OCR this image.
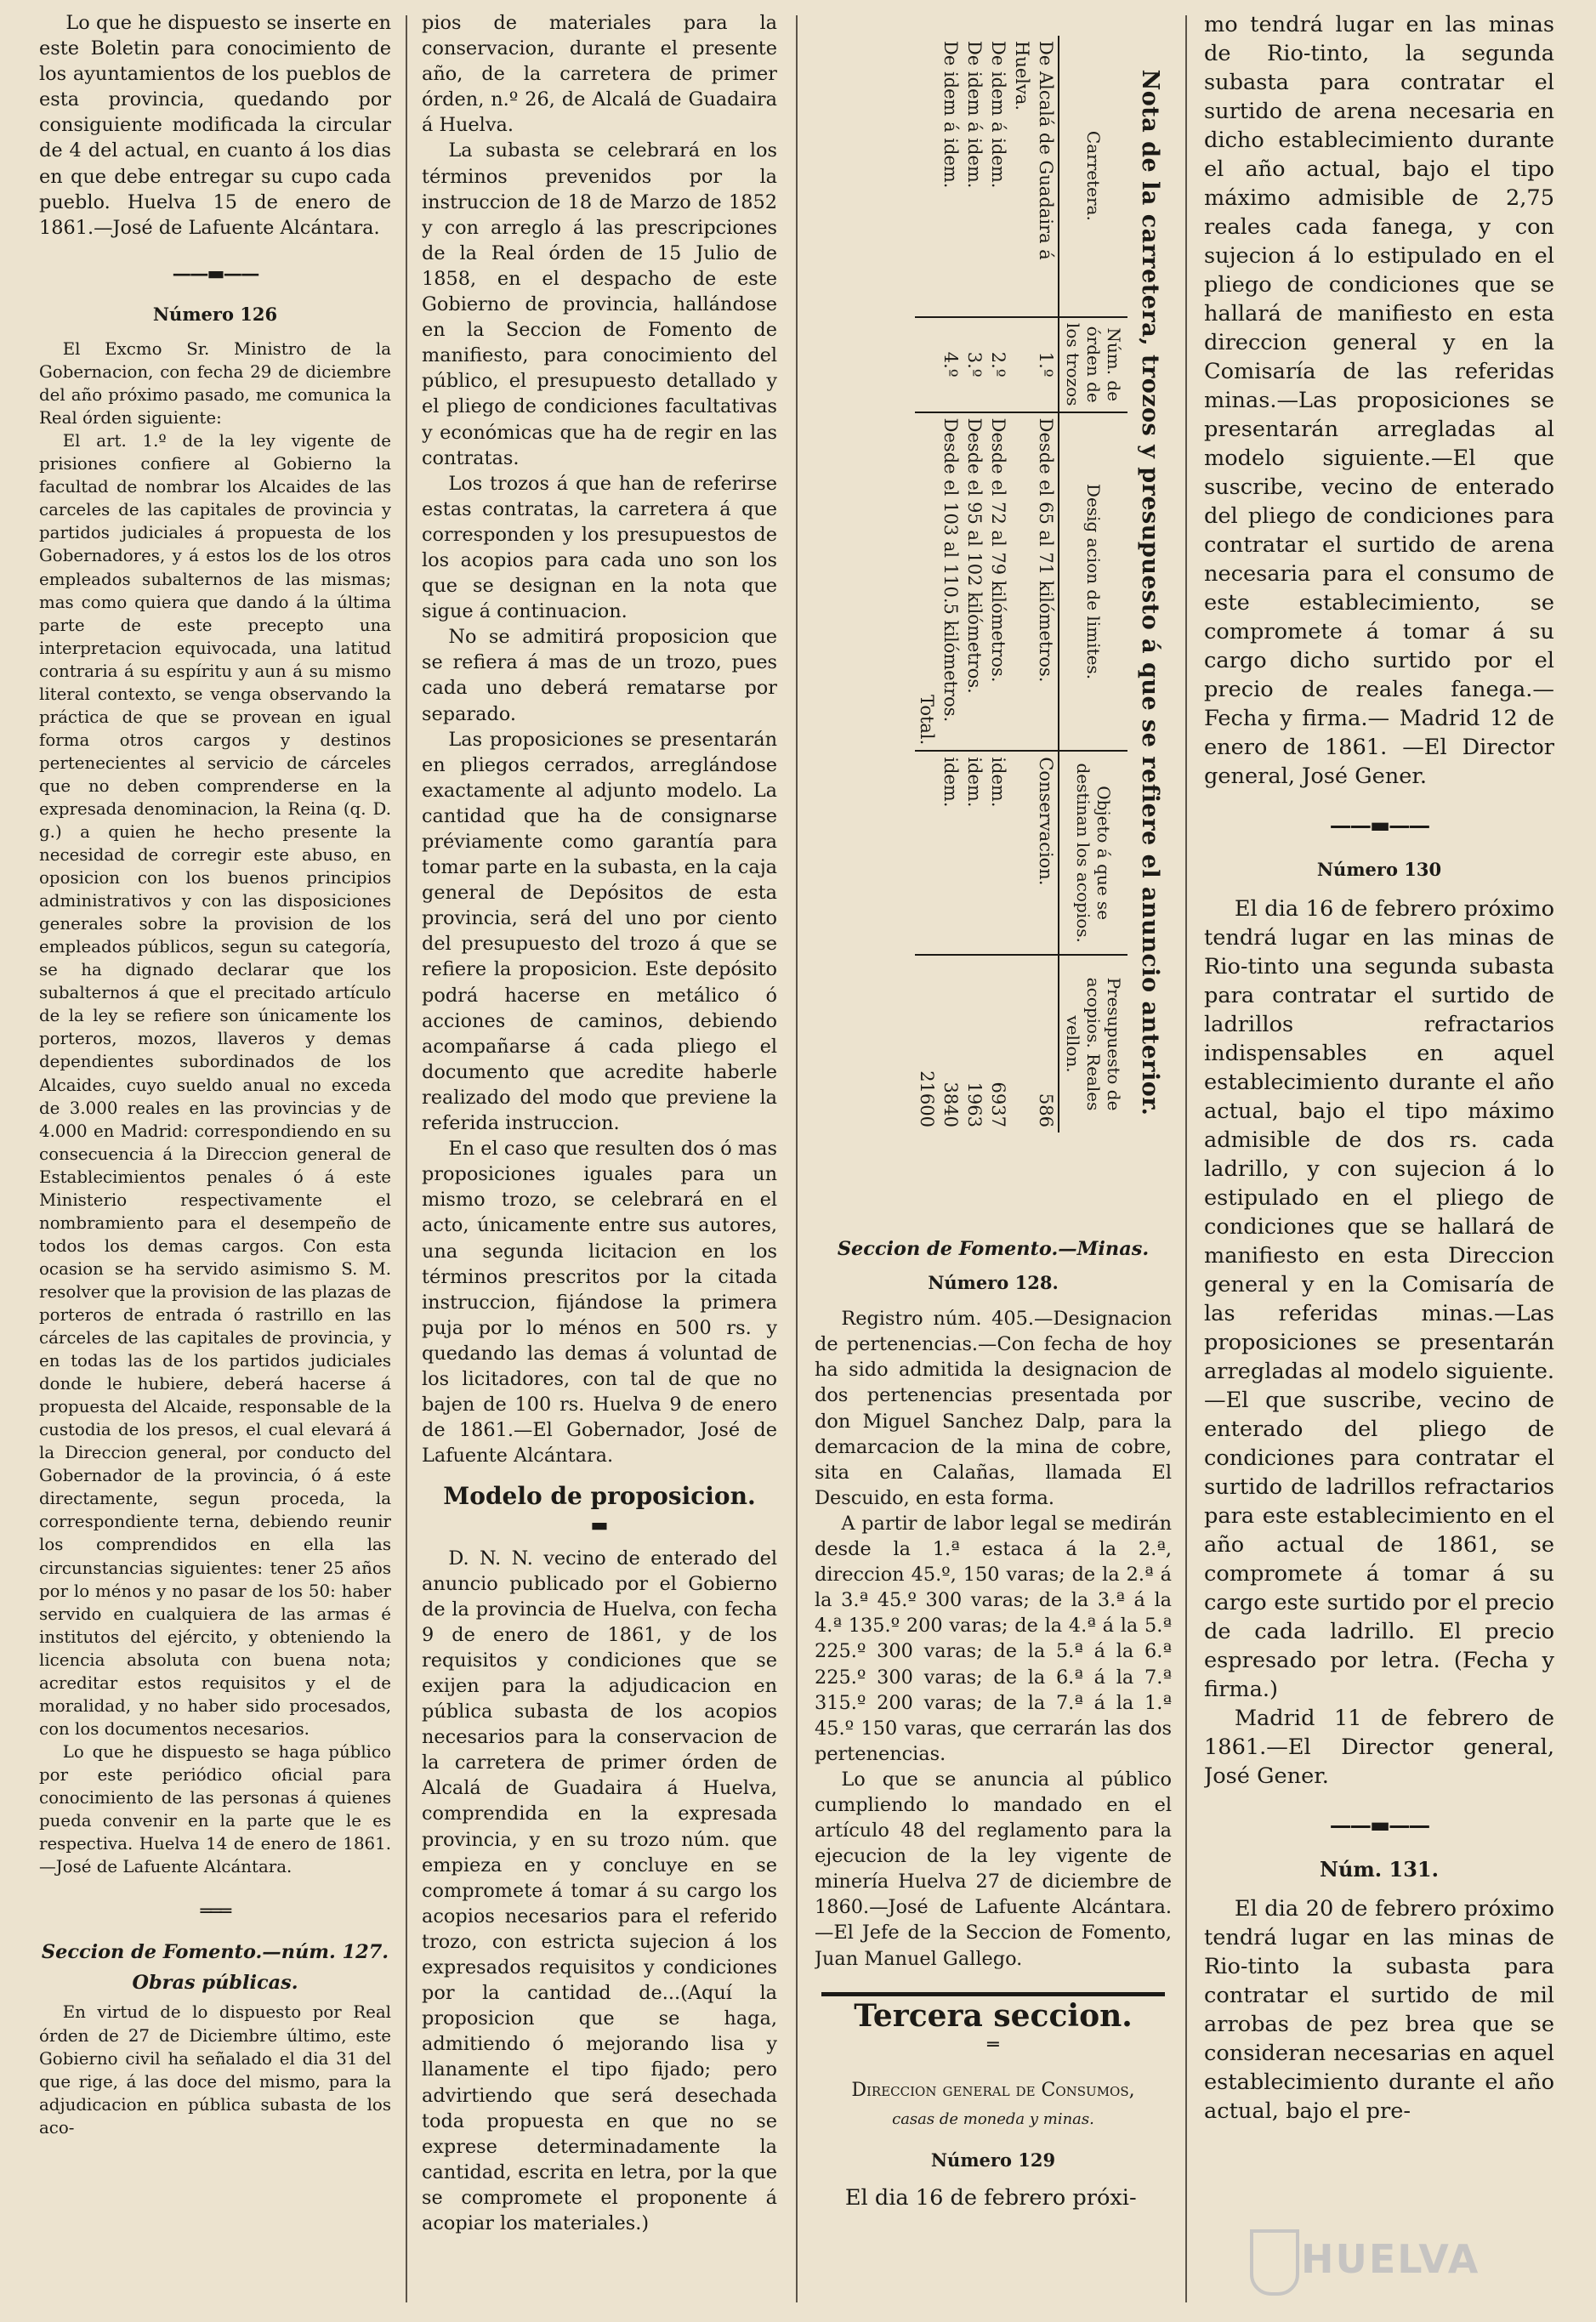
Lo que he dispuesto se inserte en este Boletin para conocimiento de los ayuntamientos de los pueblos de esta provincia, quedando por consiguiente modificada la circular de 4 del actual, en cuanto á los dias en que debe entregar su cupo cada pueblo. Huelva 15 de enero de 1861.—José de Lafuente Alcántara.

——▬——
Número 126

El Excmo Sr. Ministro de la Gobernacion, con fecha 29 de diciembre del año próximo pasado, me comunica la Real órden siguiente:

El art. 1.º de la ley vigente de prisiones confiere al Gobierno la facultad de nombrar los Alcaides de las carceles de las capitales de provincia y partidos judiciales á propuesta de los Gobernadores, y á estos los de los otros empleados subalternos de las mismas; mas como quiera que dando á la última parte de este precepto una interpretacion equivocada, una latitud contraria á su espíritu y aun á su mismo literal contexto, se venga observando la práctica de que se provean en igual forma otros cargos y destinos pertenecientes al servicio de cárceles que no deben comprenderse en la expresada denominacion, la Reina (q. D. g.) a quien he hecho presente la necesidad de corregir este abuso, en oposicion con los buenos principios administrativos y con las disposiciones generales sobre la provision de los empleados públicos, segun su categoría, se ha dignado declarar que los subalternos á que el precitado artículo de la ley se refiere son únicamente los porteros, mozos, llaveros y demas dependientes subordinados de los Alcaides, cuyo sueldo anual no exceda de 3.000 reales en las provincias y de 4.000 en Madrid: correspondiendo en su consecuencia á la Direccion general de Establecimientos penales ó á este Ministerio respectivamente el nombramiento para el desempeño de todos los demas cargos. Con esta ocasion se ha servido asimismo S. M. resolver que la provision de las plazas de porteros de entrada ó rastrillo en las cárceles de las capitales de provincia, y en todas las de los partidos judiciales donde le hubiere, deberá hacerse á propuesta del Alcaide, responsable de la custodia de los presos, el cual elevará á la Direccion general, por conducto del Gobernador de la provincia, ó á este directamente, segun proceda, la correspondiente terna, debiendo reunir los comprendidos en ella las circunstancias siguientes: tener 25 años por lo ménos y no pasar de los 50: haber servido en cualquiera de las armas é institutos del ejército, y obteniendo la licencia absoluta con buena nota; acreditar estos requisitos y el de moralidad, y no haber sido procesados, con los documentos necesarios.

Lo que he dispuesto se haga público por este periódico oficial para conocimiento de las personas á quienes pueda convenir en la parte que le es respectiva. Huelva 14 de enero de 1861.—José de Lafuente Alcántara.

═══
Seccion de Fomento.—núm. 127.
Obras públicas.

En virtud de lo dispuesto por Real órden de 27 de Diciembre último, este Gobierno civil ha señalado el dia 31 del que rige, á las doce del mismo, para la adjudicacion en pública subasta de los aco-

pios de materiales para la conservacion, durante el presente año, de la carretera de primer órden, n.º 26, de Alcalá de Guadaira á Huelva.

La subasta se celebrará en los términos prevenidos por la instruccion de 18 de Marzo de 1852 y con arreglo á las prescripciones de la Real órden de 15 Julio de 1858, en el despacho de este Gobierno de provincia, hallándose en la Seccion de Fomento de manifiesto, para conocimiento del público, el presupuesto detallado y el pliego de condiciones facultativas y económicas que ha de regir en las contratas.

Los trozos á que han de referirse estas contratas, la carretera á que corresponden y los presupuestos de los acopios para cada uno son los que se designan en la nota que sigue á continuacion.

No se admitirá proposicion que se refiera á mas de un trozo, pues cada uno deberá rematarse por separado.

Las proposiciones se presentarán en pliegos cerrados, arreglándose exactamente al adjunto modelo. La cantidad que ha de consignarse préviamente como garantía para tomar parte en la subasta, en la caja general de Depósitos de esta provincia, será del uno por ciento del presupuesto del trozo á que se refiere la proposicion. Este depósito podrá hacerse en metálico ó acciones de caminos, debiendo acompañarse á cada pliego el documento que acredite haberle realizado del modo que previene la referida instruccion.

En el caso que resulten dos ó mas proposiciones iguales para un mismo trozo, se celebrará en el acto, únicamente entre sus autores, una segunda licitacion en los términos prescritos por la citada instruccion, fijándose la primera puja por lo ménos en 500 rs. y quedando las demas á voluntad de los licitadores, con tal de que no bajen de 100 rs. Huelva 9 de enero de 1861.—El Gobernador, José de Lafuente Alcántara.

Modelo de proposicion.
▬

D. N. N. vecino de enterado del anuncio publicado por el Gobierno de la provincia de Huelva, con fecha 9 de enero de 1861, y de los requisitos y condiciones que se exijen para la adjudicacion en pública subasta de los acopios necesarios para la conservacion de la carretera de primer órden de Alcalá de Guadaira á Huelva, comprendida en la expresada provincia, y en su trozo núm. que empieza en y concluye en se compromete á tomar á su cargo los acopios necesarios para el referido trozo, con estricta sujecion á los expresados requisitos y condiciones por la cantidad de...(Aquí la proposicion que se haga, admitiendo ó mejorando lisa y llanamente el tipo fijado; pero advirtiendo que será desechada toda propuesta en que no se exprese determinadamente la cantidad, escrita en letra, por la que se compromete el proponente á acopiar los materiales.)

Nota de la carretera, trozos y presupuesto á que se refiere el anuncio anterior.
Carretera.	Núm. de órden de los trozos	Desig acion de limites.	Objeto á que se destinan los acopios.	Presupuesto de acopios. Reales vellon.
De Alcalá de Guadaira á Huelva.	1.º	Desde el 65 al 71 kilómetros.	Conservacion.	586
De idem á idem.	2.º	Desde el 72 al 79 kilómetros.	idem.	6937
De idem á idem.	3.º	Desde el 95 al 102 kilómetros.	idem.	1963
De idem á idem.	4.º	Desde el 103 al 110.5 kilómetros.	idem.	3840
		Total.		21600
Seccion de Fomento.—Minas.
Número 128.

Registro núm. 405.—Designacion de pertenencias.—Con fecha de hoy ha sido admitida la designacion de dos pertenencias presentada por don Miguel Sanchez Dalp, para la demarcacion de la mina de cobre, sita en Calañas, llamada El Descuido, en esta forma.

A partir de labor legal se medirán desde la 1.ª estaca á la 2.ª, direccion 45.º, 150 varas; de la 2.ª á la 3.ª 45.º 300 varas; de la 3.ª á la 4.ª 135.º 200 varas; de la 4.ª á la 5.ª 225.º 300 varas; de la 5.ª á la 6.ª 225.º 300 varas; de la 6.ª á la 7.ª 315.º 200 varas; de la 7.ª á la 1.ª 45.º 150 varas, que cerrarán las dos pertenencias.

Lo que se anuncia al público cumpliendo lo mandado en el artículo 48 del reglamento para la ejecucion de la ley vigente de minería Huelva 27 de diciembre de 1860.—José de Lafuente Alcántara.—El Jefe de la Seccion de Fomento, Juan Manuel Gallego.

Tercera seccion.
═
Direccion general de Consumos,
casas de moneda y minas.
Número 129

El dia 16 de febrero próxi-

mo tendrá lugar en las minas de Rio-tinto, la segunda subasta para contratar el surtido de arena necesaria en dicho establecimiento durante el año actual, bajo el tipo máximo admisible de 2,75 reales cada fanega, y con sujecion á lo estipulado en el pliego de condiciones que se hallará de manifiesto en esta direccion general y en la Comisaría de las referidas minas.—Las proposiciones se presentarán arregladas al modelo siguiente.—El que suscribe, vecino de enterado del pliego de condiciones para contratar el surtido de arena necesaria para el consumo de este establecimiento, se compromete á tomar á su cargo dicho surtido por el precio de reales fanega.—Fecha y firma.— Madrid 12 de enero de 1861. —El Director general, José Gener.

——▬——
Número 130

El dia 16 de febrero próximo tendrá lugar en las minas de Rio-tinto una segunda subasta para contratar el surtido de ladrillos refractarios indispensables en aquel establecimiento durante el año actual, bajo el tipo máximo admisible de dos rs. cada ladrillo, y con sujecion á lo estipulado en el pliego de condiciones que se hallará de manifiesto en esta Direccion general y en la Comisaría de las referidas minas.—Las proposiciones se presentarán arregladas al modelo siguiente.—El que suscribe, vecino de enterado del pliego de condiciones para contratar el surtido de ladrillos refractarios para este establecimiento en el año actual de 1861, se compromete á tomar á su cargo este surtido por el precio de cada ladrillo. El precio espresado por letra. (Fecha y firma.)

Madrid 11 de febrero de 1861.—El Director general, José Gener.

——▬——
Núm. 131.

El dia 20 de febrero próximo tendrá lugar en las minas de Rio-tinto la subasta para contratar el surtido de mil arrobas de pez brea que se consideran necesarias en aquel establecimiento durante el año actual, bajo el pre-

HUELVA
